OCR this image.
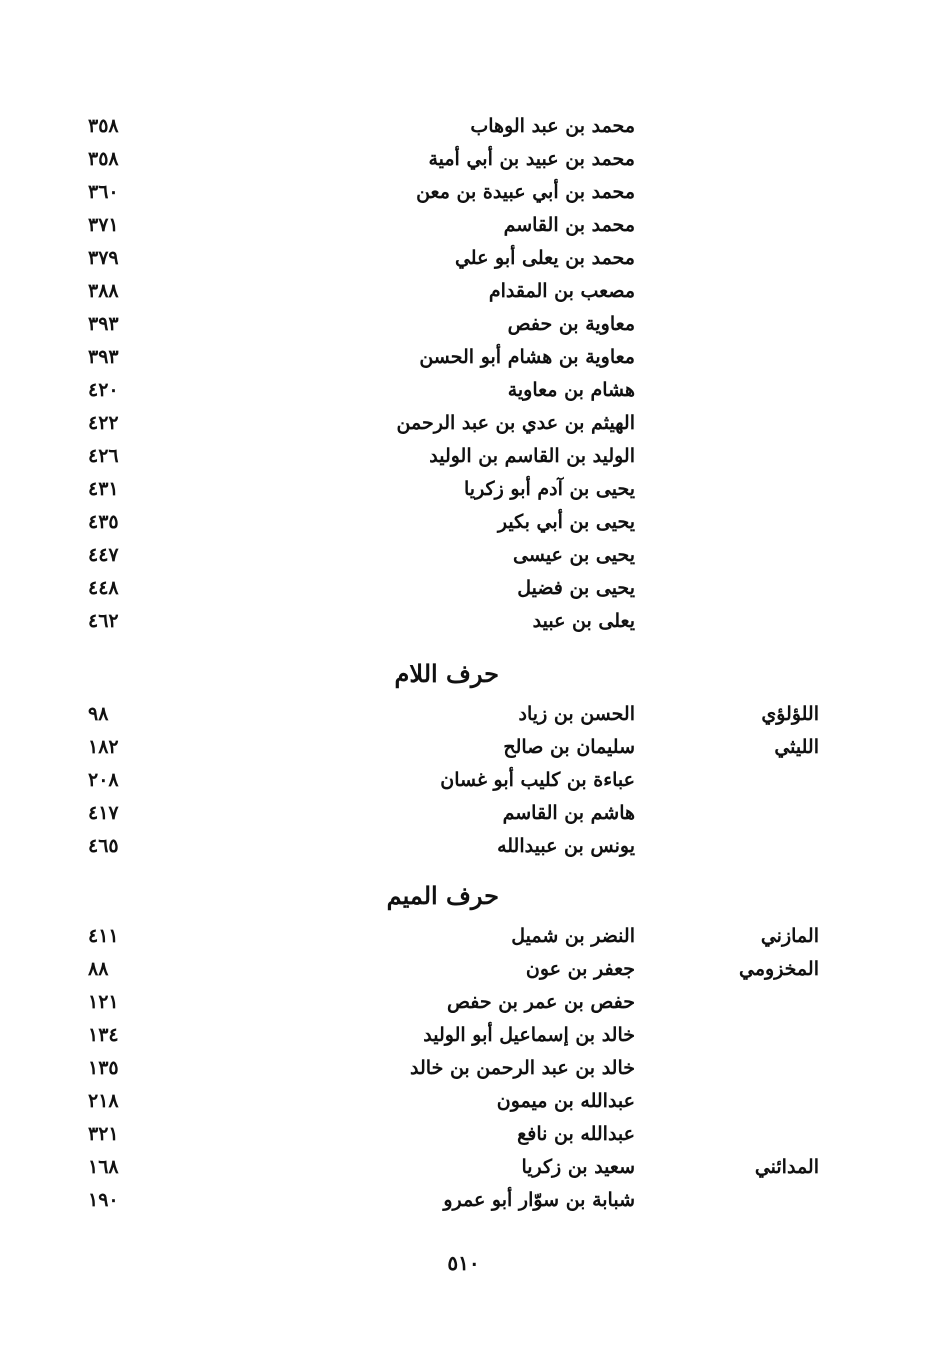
محمد بن عبد الوهاب
٣٥٨
محمد بن عبيد بن أبي أمية
٣٥٨
محمد بن أبي عبيدة بن معن
٣٦٠
محمد بن القاسم
٣٧١
محمد بن يعلى أبو علي
٣٧٩
مصعب بن المقدام
٣٨٨
معاوية بن حفص
٣٩٣
معاوية بن هشام أبو الحسن
٣٩٣
هشام بن معاوية
٤٢٠
الهيثم بن عدي بن عبد الرحمن
٤٢٢
الوليد بن القاسم بن الوليد
٤٢٦
يحيى بن آدم أبو زكريا
٤٣١
يحيى بن أبي بكير
٤٣٥
يحيى بن عيسى
٤٤٧
يحيى بن فضيل
٤٤٨
يعلى بن عبيد
٤٦٢
حرف اللام
اللؤلؤي
الحسن بن زياد
٩٨
الليثي
سليمان بن صالح
١٨٢
عباءة بن كليب أبو غسان
٢٠٨
هاشم بن القاسم
٤١٧
يونس بن عبيدالله
٤٦٥
حرف الميم
المازني
النضر بن شميل
٤١١
المخزومي
جعفر بن عون
٨٨
حفص بن عمر بن حفص
١٢١
خالد بن إسماعيل أبو الوليد
١٣٤
خالد بن عبد الرحمن بن خالد
١٣٥
عبدالله بن ميمون
٢١٨
عبدالله بن نافع
٣٢١
المدائني
سعيد بن زكريا
١٦٨
شبابة بن سوّار أبو عمرو
١٩٠
٥١٠
